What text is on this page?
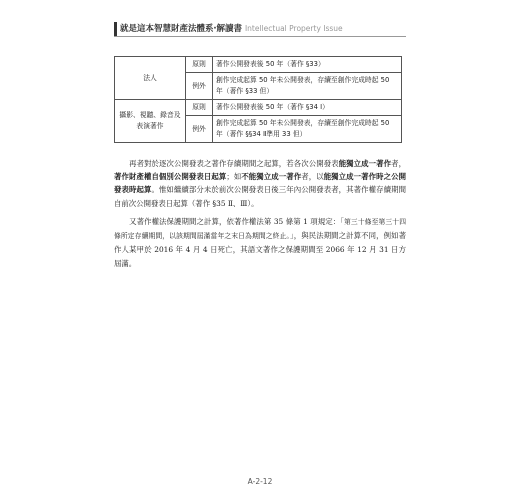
就是這本智慧財產法體系‧解讀書 Intellectual Property Issue
法人	原則	著作公開發表後 50 年（著作 §33）
	例外	創作完成起算 50 年未公開發表，存續至創作完成時起 50 年（著作 §33 但）
攝影、視聽、錄音及表演著作	原則	著作公開發表後 50 年（著作 §34 Ⅰ）
	例外	創作完成起算 50 年未公開發表，存續至創作完成時起 50 年（著作 §§34 Ⅱ準用 33 但）

再者對於逐次公開發表之著作存續期間之起算，若各次公開發表能獨立成一著作者，著作財產權自個別公開發表日起算；如不能獨立成一著作者，以能獨立成一著作時之公開發表時起算。惟如繼續部分未於前次公開發表日後三年內公開發表者，其著作權存續期間自前次公開發表日起算（著作 §35 Ⅱ、Ⅲ）。

又著作權法保護期間之計算，依著作權法第 35 條第 1 項規定：「第三十條至第三十四條所定存續期間，以該期間屆滿當年之末日為期間之終止。」，與民法期間之計算不同，例如著作人某甲於 2016 年 4 月 4 日死亡，其語文著作之保護期間至 2066 年 12 月 31 日方屆滿。

A-2-12
